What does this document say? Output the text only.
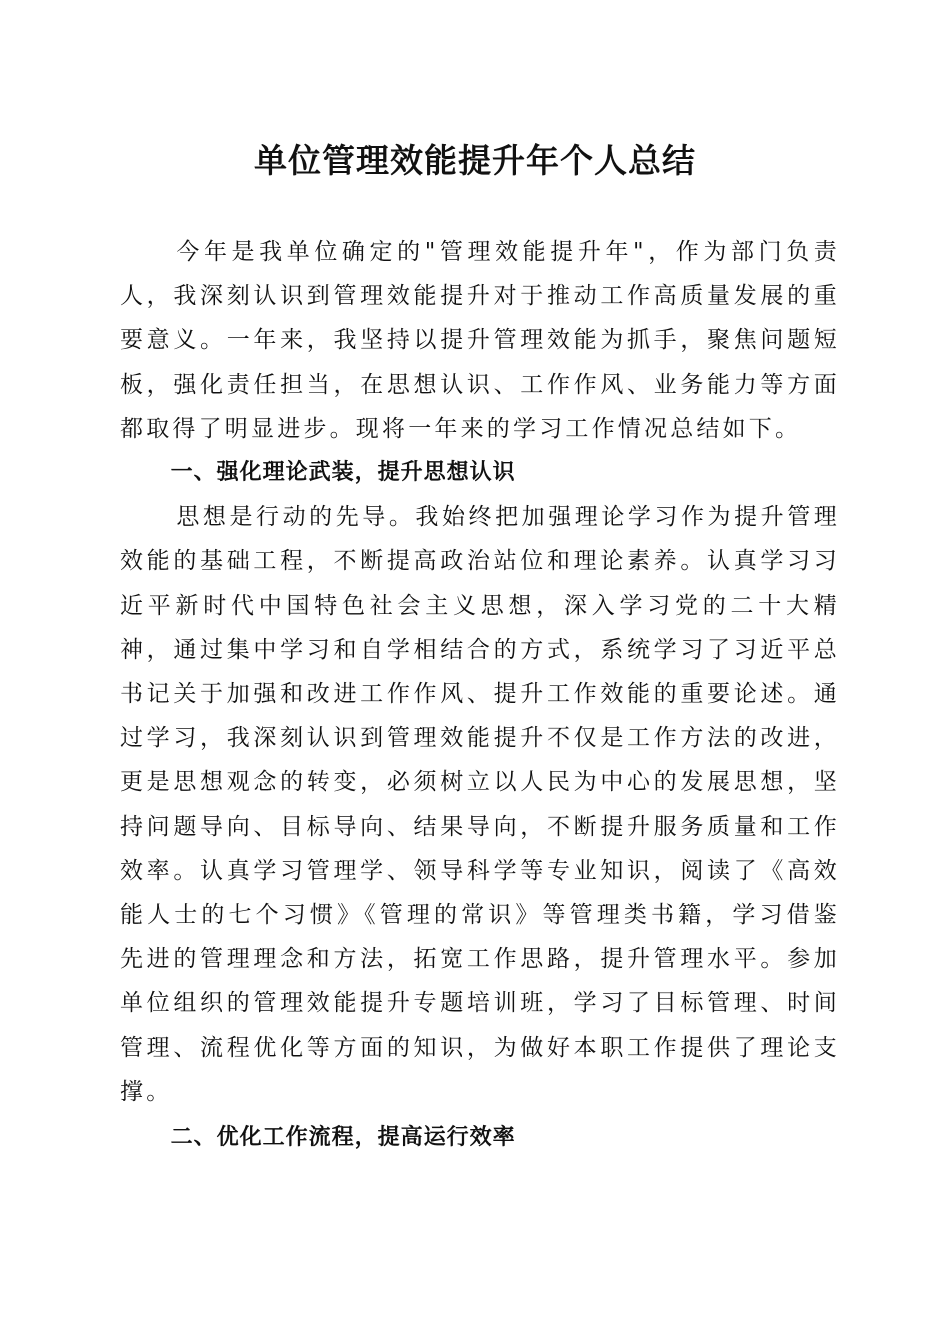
单位管理效能提升年个人总结

今年是我单位确定的"管理效能提升年"，作为部门负责人，我深刻认识到管理效能提升对于推动工作高质量发展的重要意义。一年来，我坚持以提升管理效能为抓手，聚焦问题短板，强化责任担当，在思想认识、工作作风、业务能力等方面都取得了明显进步。现将一年来的学习工作情况总结如下。

一、强化理论武装，提升思想认识

思想是行动的先导。我始终把加强理论学习作为提升管理效能的基础工程，不断提高政治站位和理论素养。认真学习习近平新时代中国特色社会主义思想，深入学习党的二十大精神，通过集中学习和自学相结合的方式，系统学习了习近平总书记关于加强和改进工作作风、提升工作效能的重要论述。通过学习，我深刻认识到管理效能提升不仅是工作方法的改进，更是思想观念的转变，必须树立以人民为中心的发展思想，坚持问题导向、目标导向、结果导向，不断提升服务质量和工作效率。认真学习管理学、领导科学等专业知识，阅读了《高效能人士的七个习惯》《管理的常识》等管理类书籍，学习借鉴先进的管理理念和方法，拓宽工作思路，提升管理水平。参加单位组织的管理效能提升专题培训班，学习了目标管理、时间管理、流程优化等方面的知识，为做好本职工作提供了理论支撑。

二、优化工作流程，提高运行效率
